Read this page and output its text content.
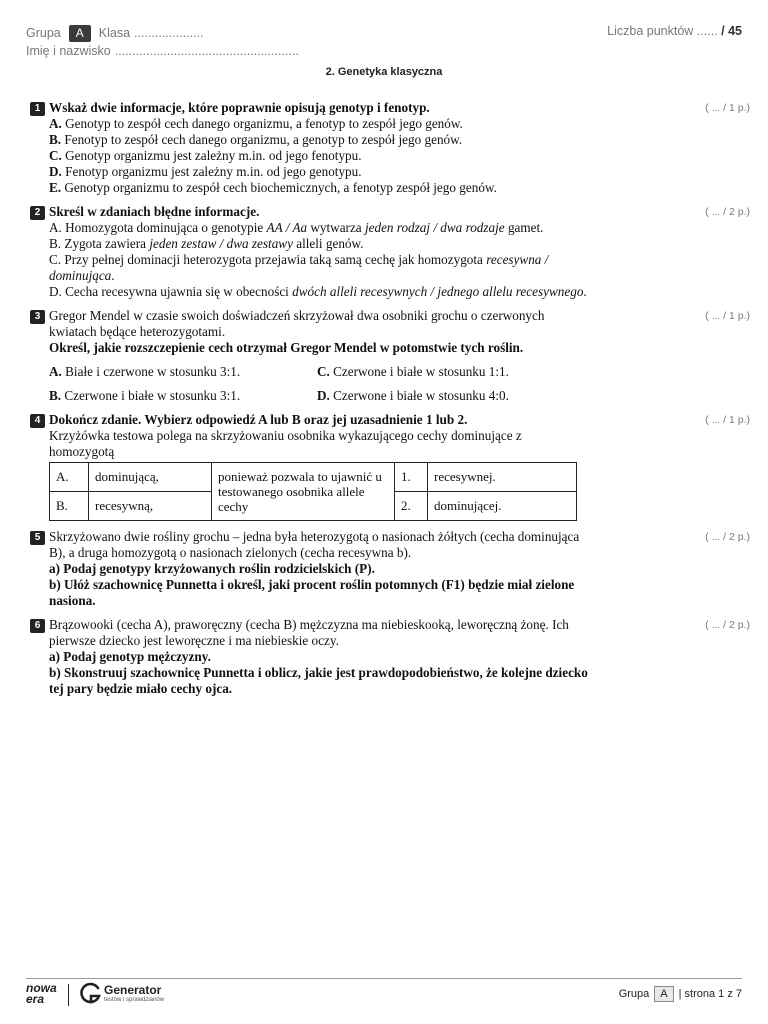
Grupa	A	Klasa ....................
Imię i nazwisko .....................................................
Liczba punktów ...... / 45
2. Genetyka klasyczna
1	( ... / 1 p.)
Wskaż dwie informacje, które poprawnie opisują genotyp i fenotyp.
A. Genotyp to zespół cech danego organizmu, a fenotyp to zespół jego genów.
B. Fenotyp to zespół cech danego organizmu, a genotyp to zespół jego genów.
C. Genotyp organizmu jest zależny m.in. od jego fenotypu.
D. Fenotyp organizmu jest zależny m.in. od jego genotypu.
E. Genotyp organizmu to zespół cech biochemicznych, a fenotyp zespół jego genów.
2	( ... / 2 p.)
Skreśl w zdaniach błędne informacje.
A. Homozygota dominująca o genotypie AA / Aa wytwarza jeden rodzaj / dwa rodzaje gamet.
B. Zygota zawiera jeden zestaw / dwa zestawy alleli genów.
C. Przy pełnej dominacji heterozygota przejawia taką samą cechę jak homozygota recesywna / dominująca.
D. Cecha recesywna ujawnia się w obecności dwóch alleli recesywnych / jednego allelu recesywnego.
3	( ... / 1 p.)
Gregor Mendel w czasie swoich doświadczeń skrzyżował dwa osobniki grochu o czerwonych kwiatach będące heterozygotami.
Określ, jakie rozszczepienie cech otrzymał Gregor Mendel w potomstwie tych roślin.
A. Białe i czerwone w stosunku 3:1.	C. Czerwone i białe w stosunku 1:1.
B. Czerwone i białe w stosunku 3:1.	D. Czerwone i białe w stosunku 4:0.
4	( ... / 1 p.)
Dokończ zdanie. Wybierz odpowiedź A lub B oraz jej uzasadnienie 1 lub 2.
Krzyżówka testowa polega na skrzyżowaniu osobnika wykazującego cechy dominujące z homozygotą
A.	dominującą,	ponieważ pozwala to ujawnić u testowanego osobnika allele cechy	1.	recesywnej.
B.	recesywną,		2.	dominującej.
5	( ... / 2 p.)
Skrzyżowano dwie rośliny grochu – jedna była heterozygotą o nasionach żółtych (cecha dominująca B), a druga homozygotą o nasionach zielonych (cecha recesywna b).
a) Podaj genotypy krzyżowanych roślin rodzicielskich (P).
b) Ułóż szachownicę Punnetta i określ, jaki procent roślin potomnych (F1) będzie miał zielone nasiona.
6	( ... / 2 p.)
Brązowooki (cecha A), praworęczny (cecha B) mężczyzna ma niebieskooką, leworęczną żonę. Ich pierwsze dziecko jest leworęczne i ma niebieskie oczy.
a) Podaj genotyp mężczyzny.
b) Skonstruuj szachownicę Punnetta i oblicz, jakie jest prawdopodobieństwo, że kolejne dziecko tej pary będzie miało cechy ojca.
nowa
era
Generator
testów i sprawdzianów	Grupa	A	| strona 1 z 7
